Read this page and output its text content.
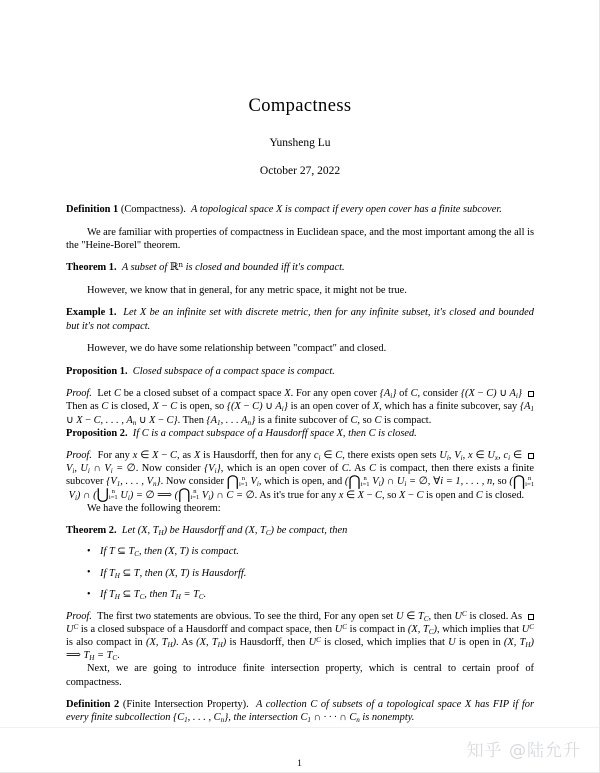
Compactness
Yunsheng Lu
October 27, 2022

Definition 1 (Compactness). A topological space X is compact if every open cover has a finite subcover.

We are familiar with properties of compactness in Euclidean space, and the most important among the all is the "Heine-Borel" theorem.

Theorem 1. A subset of ℝ$^n$ is closed and bounded iff it's compact.

However, we know that in general, for any metric space, it might not be true.

Example 1. Let X be an infinite set with discrete metric, then for any infinite subset, it's closed and bounded but it's not compact.

However, we do have some relationship between "compact" and closed.

Proposition 1. Closed subspace of a compact space is compact.

Proof.  Let C be a closed subset of a compact space X. For any open cover $\{A_i\}$ of C, consider {(X − C) ∪ $A_i$} Then as C is closed, X − C is open, so {(X − C) ∪ $A_i$} is an open cover of X, which has a finite subcover, say {$A_1$ ∪ X − C, . . . , $A_n$ ∪ X − C}. Then {$A_1$, . . . $A_n$} is a finite subcover of C, so C is compact.

Proposition 2. If C is a compact subspace of a Hausdorff space X, then C is closed.

Proof.  For any x ∈ X − C, as X is Hausdorff, then for any $c_i$ ∈ C, there exists open sets $U_i$, $V_i$, x ∈ $U_x$, $c_i$ ∈ $V_i$, $U_i$ ∩ $V_i$ = ∅. Now consider $\{V_i\}$, which is an open cover of C. As C is compact, then there exists a finite subcover {$V_1$, . . . , $V_n$}. Now consider ⋂ n
i=1 $V_i$, which is open, and (⋂ n
i=1 $V_i$) ∩ $U_i$ = ∅, ∀i = 1, . . . , n, so (⋂ n
i=1
$V_i$) ∩ (⋃ n
i=1 $U_i$) = ∅ ⟹ (⋂ n
i=1 $V_i$) ∩ C = ∅. As it's true for any x ∈ X − C, so X − C is open and C is closed.

We have the following theorem:

Theorem 2. Let (X, $T_H$) be Hausdorff and (X, $T_C$) be compact, then

• If T ⊆ $T_C$, then (X, T) is compact.
• If $T_H$ ⊆ T, then (X, T) is Hausdorff.
• If $T_H$ ⊆ $T_C$, then $T_H = T_C$.

Proof.  The first two statements are obvious. To see the third, For any open set U ∈ $T_C$, then $U^C$ is closed. As $U^C$ is a closed subspace of a Hausdorff and compact space, then $U^C$ is compact in (X, $T_C$), which implies that $U^C$ is also compact in (X, $T_H$). As (X, $T_H$) is Hausdorff, then $U^C$ is closed, which implies that U is open in (X, $T_H$) ⟹ $T_H = T_C$.

Next, we are going to introduce finite intersection property, which is central to certain proof of compactness.

Definition 2 (Finite Intersection Property). A collection C of subsets of a topological space X has FIP if for every finite subcollection {$C_1$, . . . , $C_n$}, the intersection $C_1$ ∩ · · · ∩ $C_n$ is nonempty.

知乎 @陆允升
1
